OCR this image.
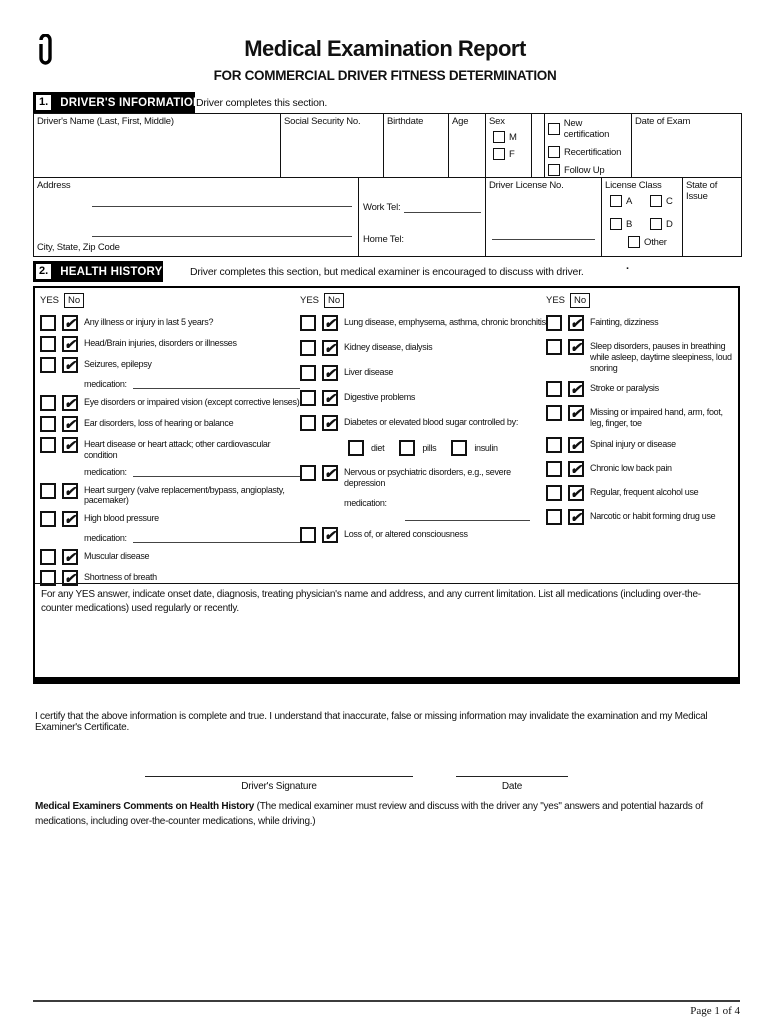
Medical Examination Report
FOR COMMERCIAL DRIVER FITNESS DETERMINATION
1.	DRIVER'S INFORMATION
Driver completes this section.
Driver's Name (Last, First, Middle)	Social Security No.	Birthdate	Age	Sex
M
F
New certification
Recertification
Follow Up
Date of Exam
Address
City, State, Zip Code
Work Tel:
Home Tel:
Driver License No.	License Class
A	C
B	D
Other
State of Issue
2.	HEALTH HISTORY	Driver completes this section, but medical examiner is encouraged to discuss with driver.	.
YES No
✔ Any illness or injury in last 5 years?
✔ Head/Brain injuries, disorders or illnesses
✔ Seizures, epilepsy
medication:
✔ Eye disorders or impaired vision (except corrective lenses)
✔ Ear disorders, loss of hearing or balance
✔ Heart disease or heart attack; other cardiovascular condition
medication:
✔ Heart surgery (valve replacement/bypass, angioplasty, pacemaker)
✔ High blood pressure
medication:
✔ Muscular disease
✔ Shortness of breath
YES No
✔ Lung disease, emphysema, asthma, chronic bronchitis
✔ Kidney disease, dialysis
✔ Liver disease
✔ Digestive problems
✔ Diabetes or elevated blood sugar controlled by:
diet	pills	insulin
✔ Nervous or psychiatric disorders, e.g., severe depression
medication:
✔ Loss of, or altered consciousness
YES No
✔ Fainting, dizziness
✔ Sleep disorders, pauses in breathing while asleep, daytime sleepiness, loud snoring
✔ Stroke or paralysis
✔ Missing or impaired hand, arm, foot, leg, finger, toe
✔ Spinal injury or disease
✔ Chronic low back pain
✔ Regular, frequent alcohol use
✔ Narcotic or habit forming drug use
For any YES answer, indicate onset date, diagnosis, treating physician's name and address, and any current limitation. List all medications (including over-the-counter medications) used regularly or recently.
I certify that the above information is complete and true. I understand that inaccurate, false or missing information may invalidate the examination and my Medical Examiner's Certificate.
Driver's Signature	Date
Medical Examiners Comments on Health History (The medical examiner must review and discuss with the driver any "yes" answers and potential hazards of medications, including over-the-counter medications, while driving.)
Page 1 of 4
